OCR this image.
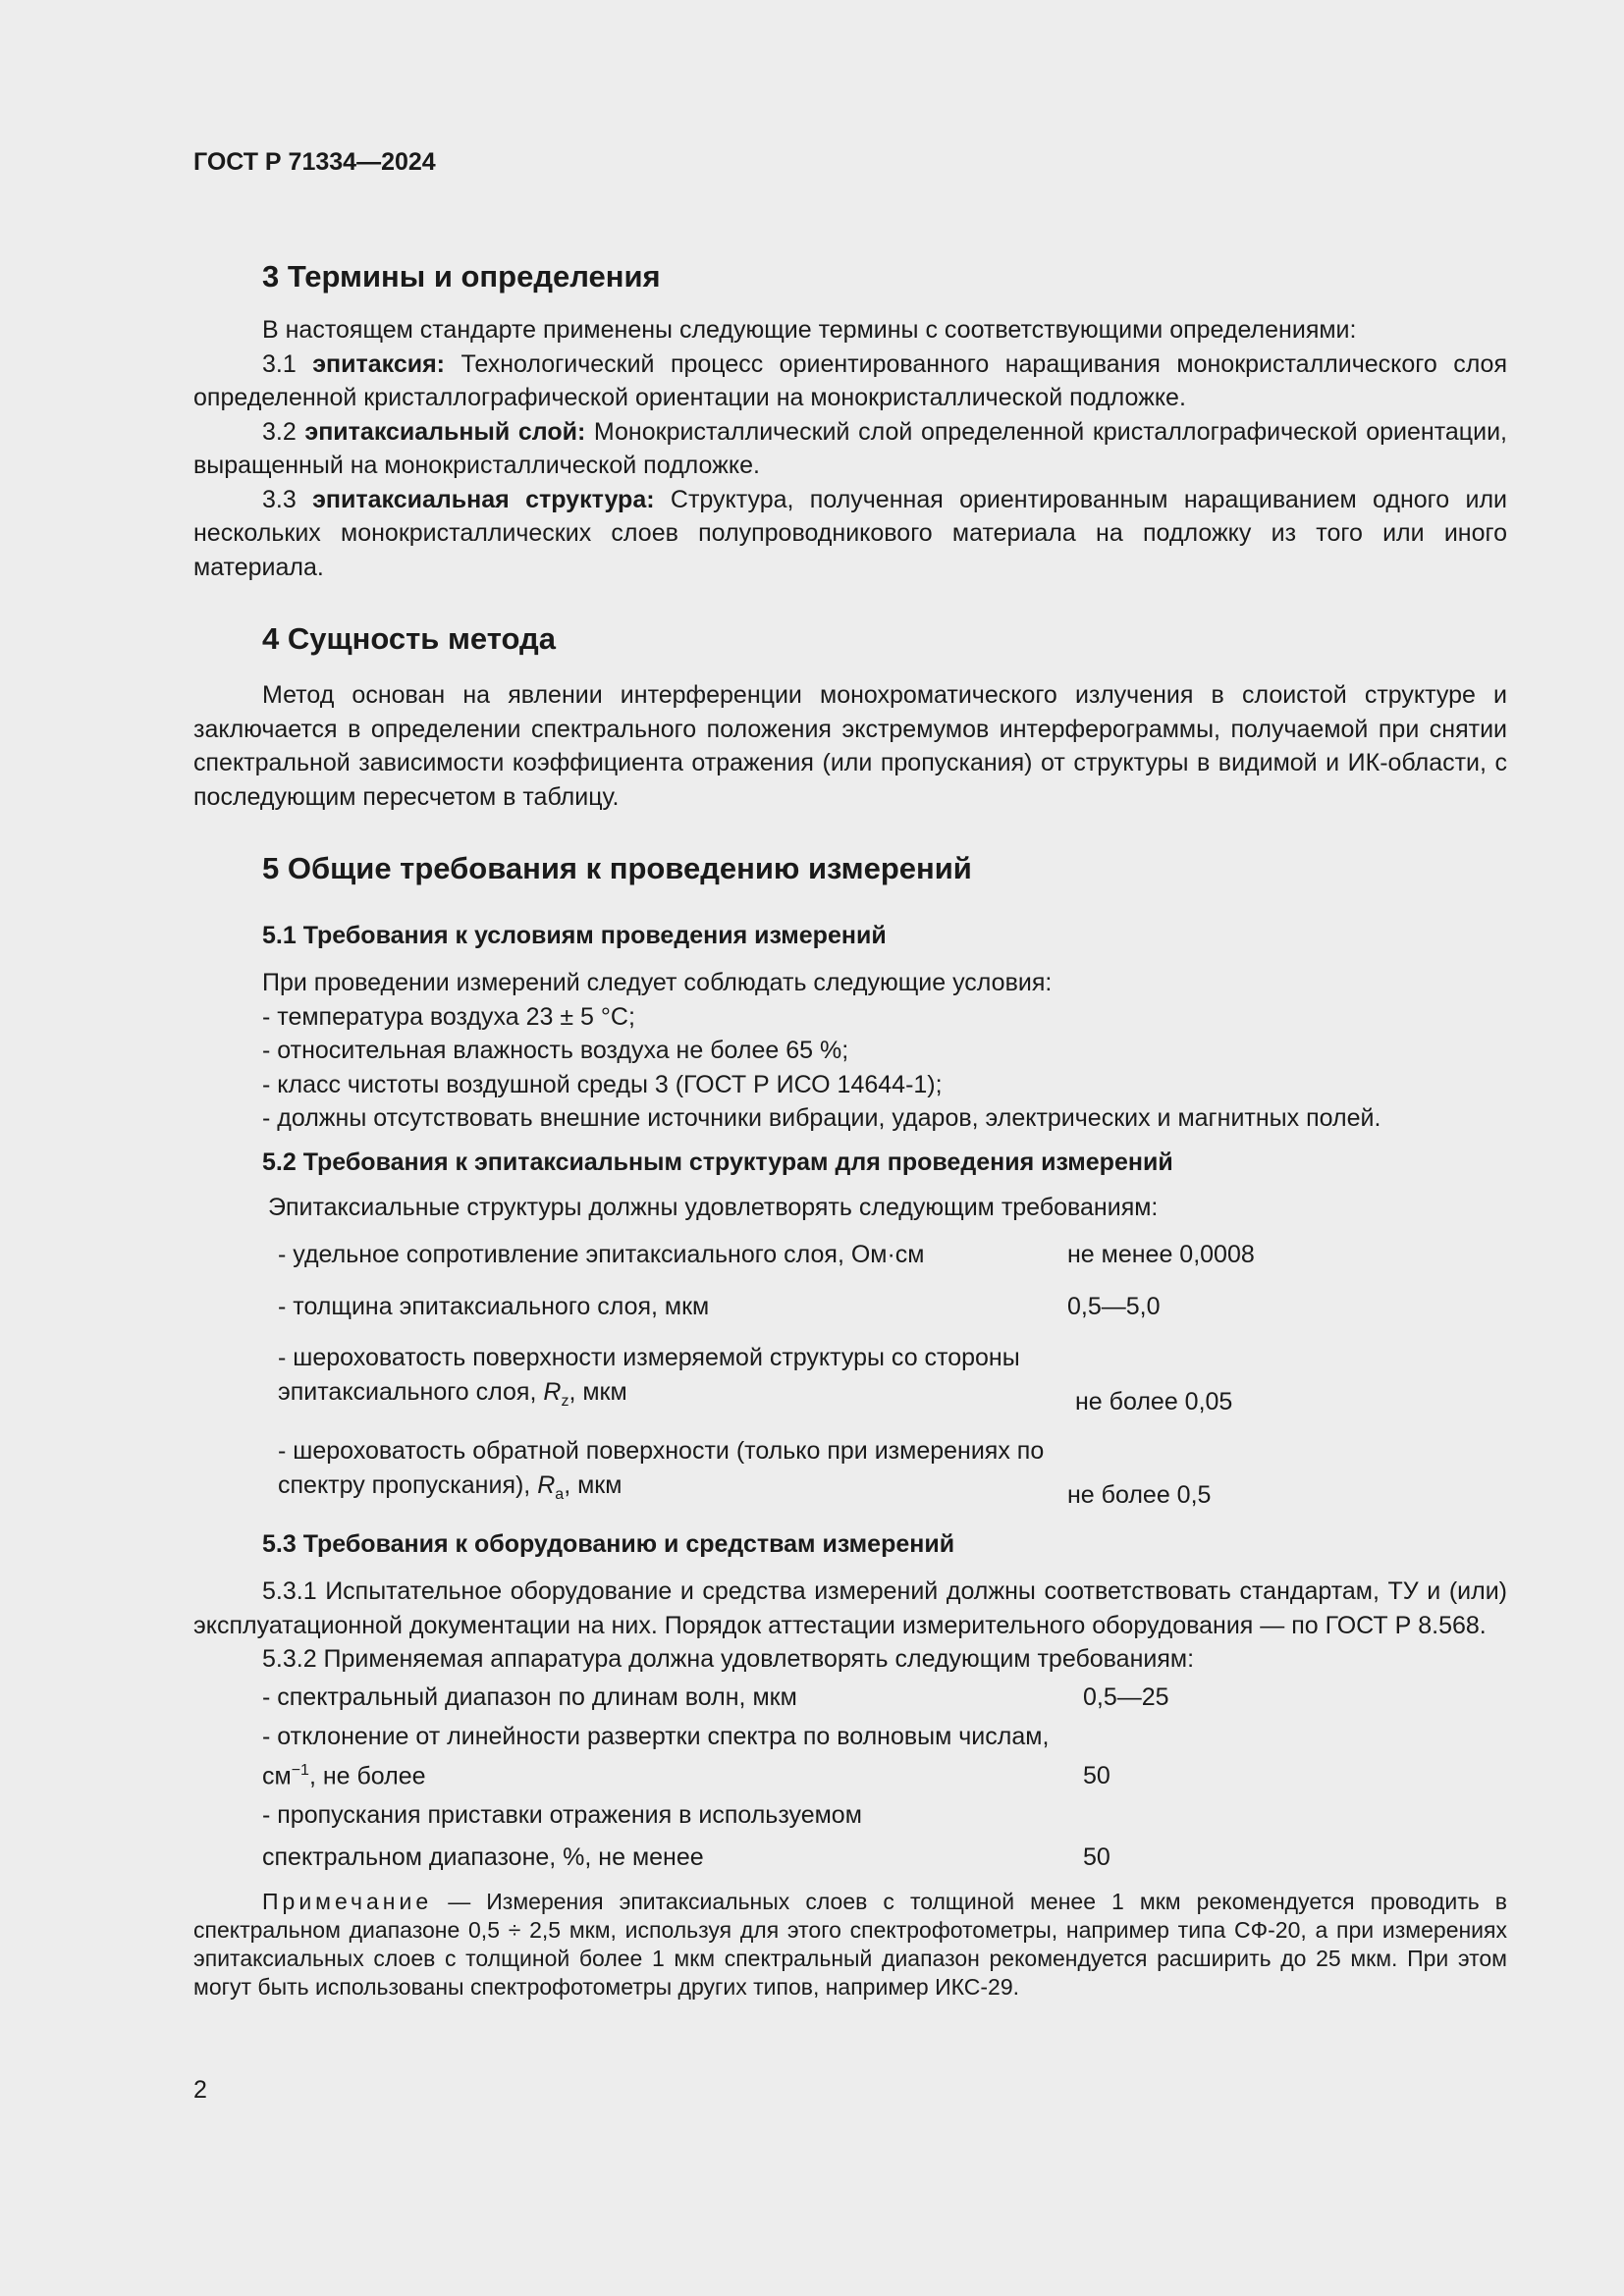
ГОСТ Р 71334—2024
3 Термины и определения

В настоящем стандарте применены следующие термины с соответствующими определениями:

3.1 эпитаксия: Технологический процесс ориентированного наращивания монокристаллического слоя определенной кристаллографической ориентации на монокристаллической подложке.

3.2 эпитаксиальный слой: Монокристаллический слой определенной кристаллографической ориентации, выращенный на монокристаллической подложке.

3.3 эпитаксиальная структура: Структура, полученная ориентированным наращиванием одного или нескольких монокристаллических слоев полупроводникового материала на подложку из того или иного материала.

4 Сущность метода

Метод основан на явлении интерференции монохроматического излучения в слоистой структуре и заключается в определении спектрального положения экстремумов интерферограммы, получаемой при снятии спектральной зависимости коэффициента отражения (или пропускания) от структуры в видимой и ИК-области, с последующим пересчетом в таблицу.

5 Общие требования к проведению измерений
5.1 Требования к условиям проведения измерений

При проведении измерений следует соблюдать следующие условия:

- температура воздуха 23 ± 5 °С;

- относительная влажность воздуха не более 65 %;

- класс чистоты воздушной среды 3 (ГОСТ Р ИСО 14644-1);

- должны отсутствовать внешние источники вибрации, ударов, электрических и магнитных полей.

5.2 Требования к эпитаксиальным структурам для проведения измерений

Эпитаксиальные структуры должны удовлетворять следующим требованиям:

- удельное сопротивление эпитаксиального слоя, Ом·см	не менее 0,0008
- толщина эпитаксиального слоя, мкм	0,5—5,0
- шероховатость поверхности измеряемой структуры со стороны
эпитаксиального слоя, $R_z$, мкм	не более 0,05
- шероховатость обратной поверхности (только при измерениях по
спектру пропускания), $R_a$, мкм	не более 0,5
5.3 Требования к оборудованию и средствам измерений

5.3.1 Испытательное оборудование и средства измерений должны соответствовать стандартам, ТУ и (или) эксплуатационной документации на них. Порядок аттестации измерительного оборудования — по ГОСТ Р 8.568.

5.3.2 Применяемая аппаратура должна удовлетворять следующим требованиям:

- спектральный диапазон по длинам волн, мкм	0,5—25
- отклонение от линейности развертки спектра по волновым числам,
$см^{-1}$, не более	50
- пропускания приставки отражения в используемом
спектральном диапазоне, %, не менее	50

Примечание — Измерения эпитаксиальных слоев с толщиной менее 1 мкм рекомендуется проводить в спектральном диапазоне 0,5 ÷ 2,5 мкм, используя для этого спектрофотометры, например типа СФ-20, а при измерениях эпитаксиальных слоев с толщиной более 1 мкм спектральный диапазон рекомендуется расширить до 25 мкм. При этом могут быть использованы спектрофотометры других типов, например ИКС-29.

2
